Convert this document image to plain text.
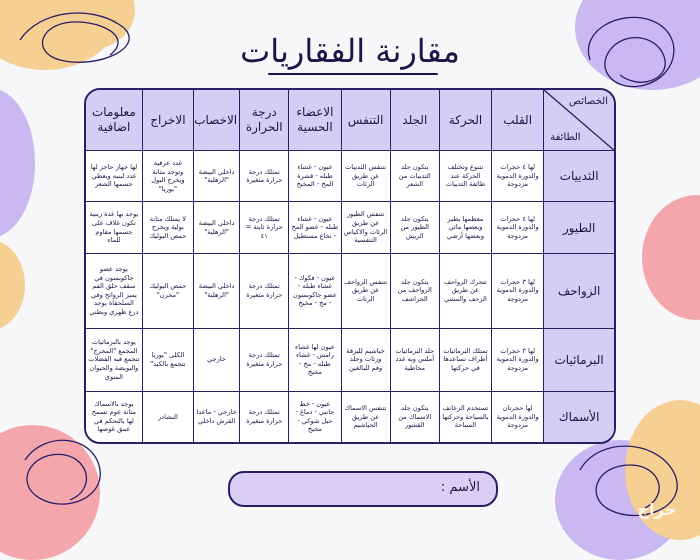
مقارنة الفقاريات
الخصائص
الطائفة	القلب	الحركة	الجلد	التنفس	الاعضاء الحسية	درجة الحرارة	الاخصاب	الاخراج	معلومات اضافية
الثدييات	لها ٤ حجرات والدورة الدموية مزدوجة	تتنوع وتختلف الحركة عند طائفة الثدييات	يتكون جلد الثدييات من الشعر	تتنفس الثدييات عن طريق الرئات	عيون - غشاء طبله - قشرة المخ - المخيخ	تمتلك درجة حرارة متغيرة	داخلي البيضة "الرهلية"	غدد عرقية وتوجد مثانة ويخرج البول "يوريا"	لها جهاز حاجز لها غدد لبنيه ويغطي جسمها الشعر
الطيور	لها ٤ حجرات والدورة الدموية مزدوجة	معظمها يطير وبعضها مائي وبعضها أرضي	يتكون جلد الطيور من الريش	تتنفس الطيور عن طريق الرئات والاكياس التنفسية	عيون - غشاء طبله - عضو المخ - نخاع مستطيل	تمتلك درجة حرارة ثابتة = ٤١	داخلي البيضة "الرهلية"	لا يمتلك مثانة بولية ويخرج حمض البوليك	يوجد بها غدة زيتية تكون غلاف على جسمها مقاوم للماء
الزواحف	لها ٣ حجرات والدورة الدموية مزدوجة	تتحرك الزواحف عن طريق الزحف والمشي	يتكون جلد الزواحف من الحراشف	تتنفس الزواحف عن طريق الرئات	عيون - فكوك - غشاء طبله - عضو جاكوبسون - مخ - مخيخ	تمتلك درجة حرارة متغيرة	داخلي البيضة "الرهلية"	حمض البوليك "مخزن"	يوجد عضو جاكوبسون في سقف حلق الفم يميز الروائح وفي السلحفاة يوجد درع ظهري وبطني
البرمائيات	لها ٣ حجرات والدورة الدموية مزدوجة	تمتلك البرمائيات أطراف تساعدها في حركتها	جلد البرمائيات أملس وبه غدد مخاطية	خياشيم لليرقة ورئات وجلد وفم للبالغين	عيون لها غشاء رامش - غشاء طبله - مخ - مخيخ	تمتلك درجة حرارة متغيرة	خارجي	الكلى "يوريا تتجمع بالكبد"	يوجد بالبرمائيات المجمع "المخرج" تتجمع فيه الفضلات والبويضة والحيوان المنوي
الأسماك	لها حجرتان والدورة الدموية مزدوجة	تستخدم الزعانف بالسباحة وحركتها السباحة	يتكون جلد الاسماك من القشور	تتنفس الاسماك عن طريق الخياشيم	عيون - خط جانبي - دماغ - حبل شوكي - مخيخ	تمتلك درجة حرارة متغيرة	خارجي - ماعدا القرش داخلي	النشادر	يوجد بالاسماك مثانة عوم تسمح لها بالتحكم في عمق غوصها
الأسم :
حراج
